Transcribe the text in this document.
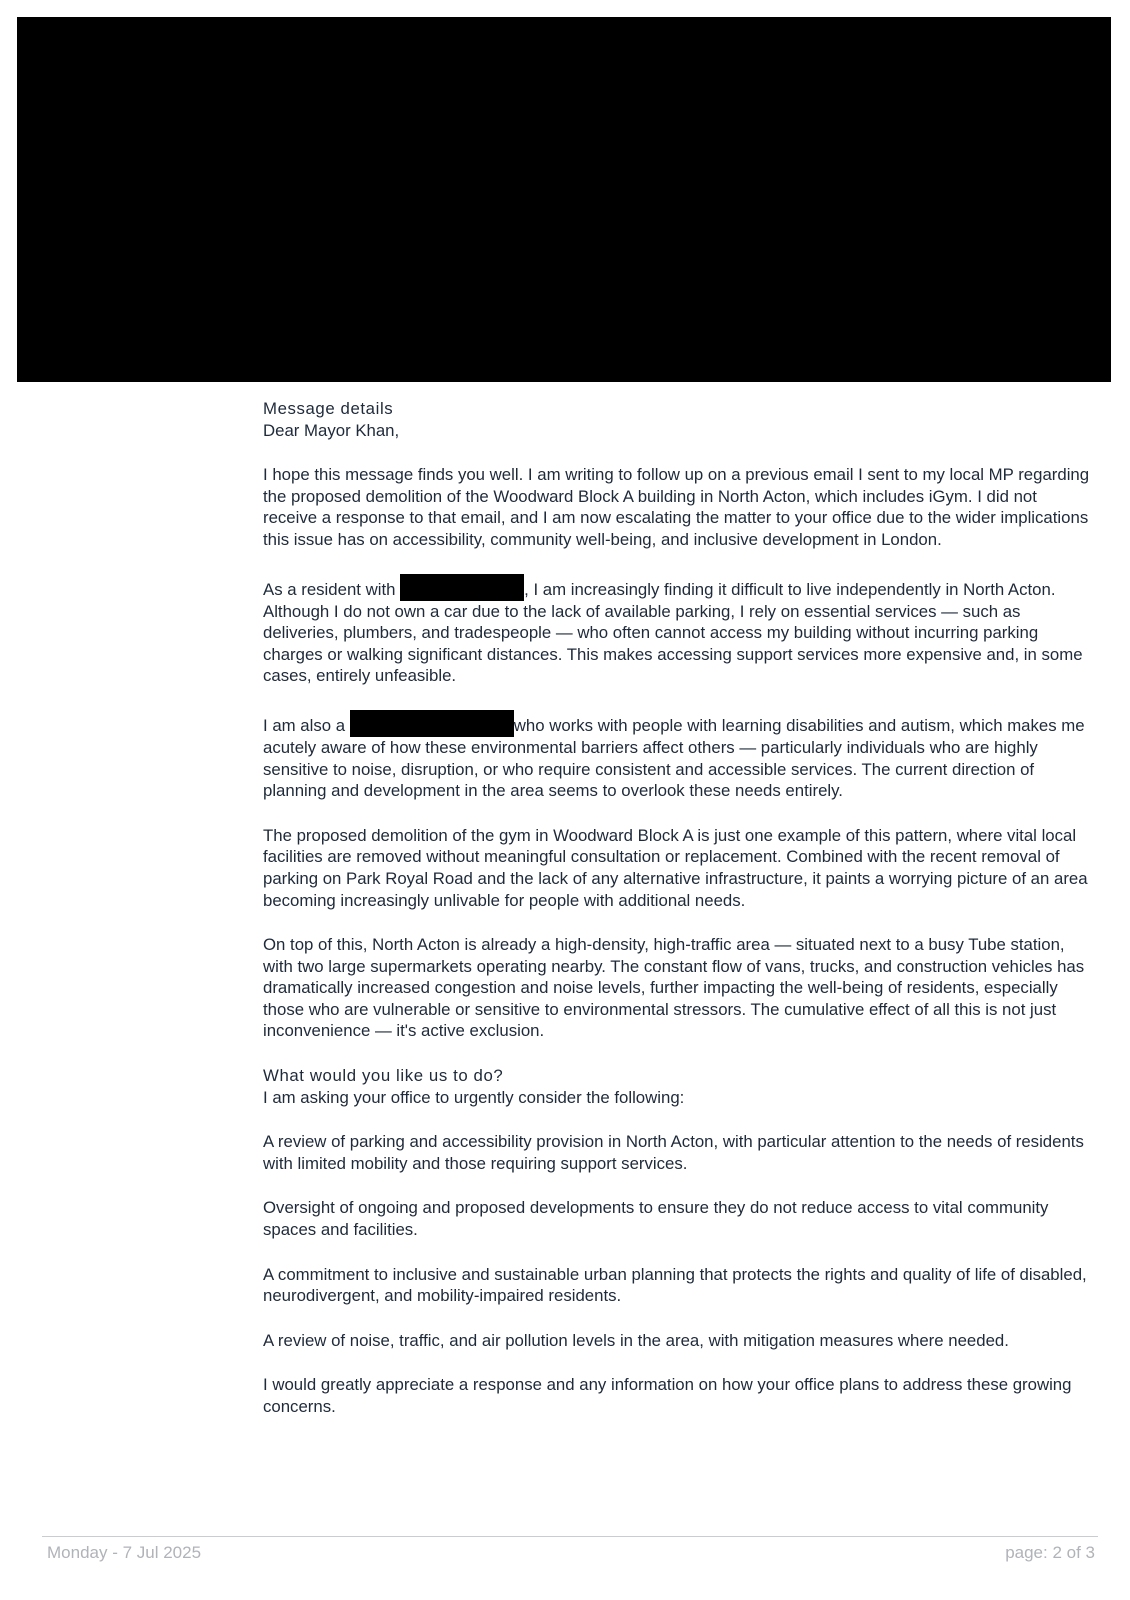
Message details

Dear Mayor Khan,

I hope this message finds you well. I am writing to follow up on a previous email I sent to my local MP regarding the proposed demolition of the Woodward Block A building in North Acton, which includes iGym. I did not receive a response to that email, and I am now escalating the matter to your office due to the wider implications this issue has on accessibility, community well-being, and inclusive development in London.

As a resident with	, I am increasingly finding it difficult to live independently in North Acton. Although I do not own a car due to the lack of available parking, I rely on essential services — such as deliveries, plumbers, and tradespeople — who often cannot access my building without incurring parking charges or walking significant distances. This makes accessing support services more expensive and, in some cases, entirely unfeasible.

I am also a	who works with people with learning disabilities and autism, which makes me acutely aware of how these environmental barriers affect others — particularly individuals who are highly sensitive to noise, disruption, or who require consistent and accessible services. The current direction of planning and development in the area seems to overlook these needs entirely.

The proposed demolition of the gym in Woodward Block A is just one example of this pattern, where vital local facilities are removed without meaningful consultation or replacement. Combined with the recent removal of parking on Park Royal Road and the lack of any alternative infrastructure, it paints a worrying picture of an area becoming increasingly unlivable for people with additional needs.

On top of this, North Acton is already a high-density, high-traffic area — situated next to a busy Tube station, with two large supermarkets operating nearby. The constant flow of vans, trucks, and construction vehicles has dramatically increased congestion and noise levels, further impacting the well-being of residents, especially those who are vulnerable or sensitive to environmental stressors. The cumulative effect of all this is not just inconvenience — it's active exclusion.

What would you like us to do?

I am asking your office to urgently consider the following:

A review of parking and accessibility provision in North Acton, with particular attention to the needs of residents with limited mobility and those requiring support services.

Oversight of ongoing and proposed developments to ensure they do not reduce access to vital community spaces and facilities.

A commitment to inclusive and sustainable urban planning that protects the rights and quality of life of disabled, neurodivergent, and mobility-impaired residents.

A review of noise, traffic, and air pollution levels in the area, with mitigation measures where needed.

I would greatly appreciate a response and any information on how your office plans to address these growing concerns.

Monday - 7 Jul 2025	page: 2 of 3
